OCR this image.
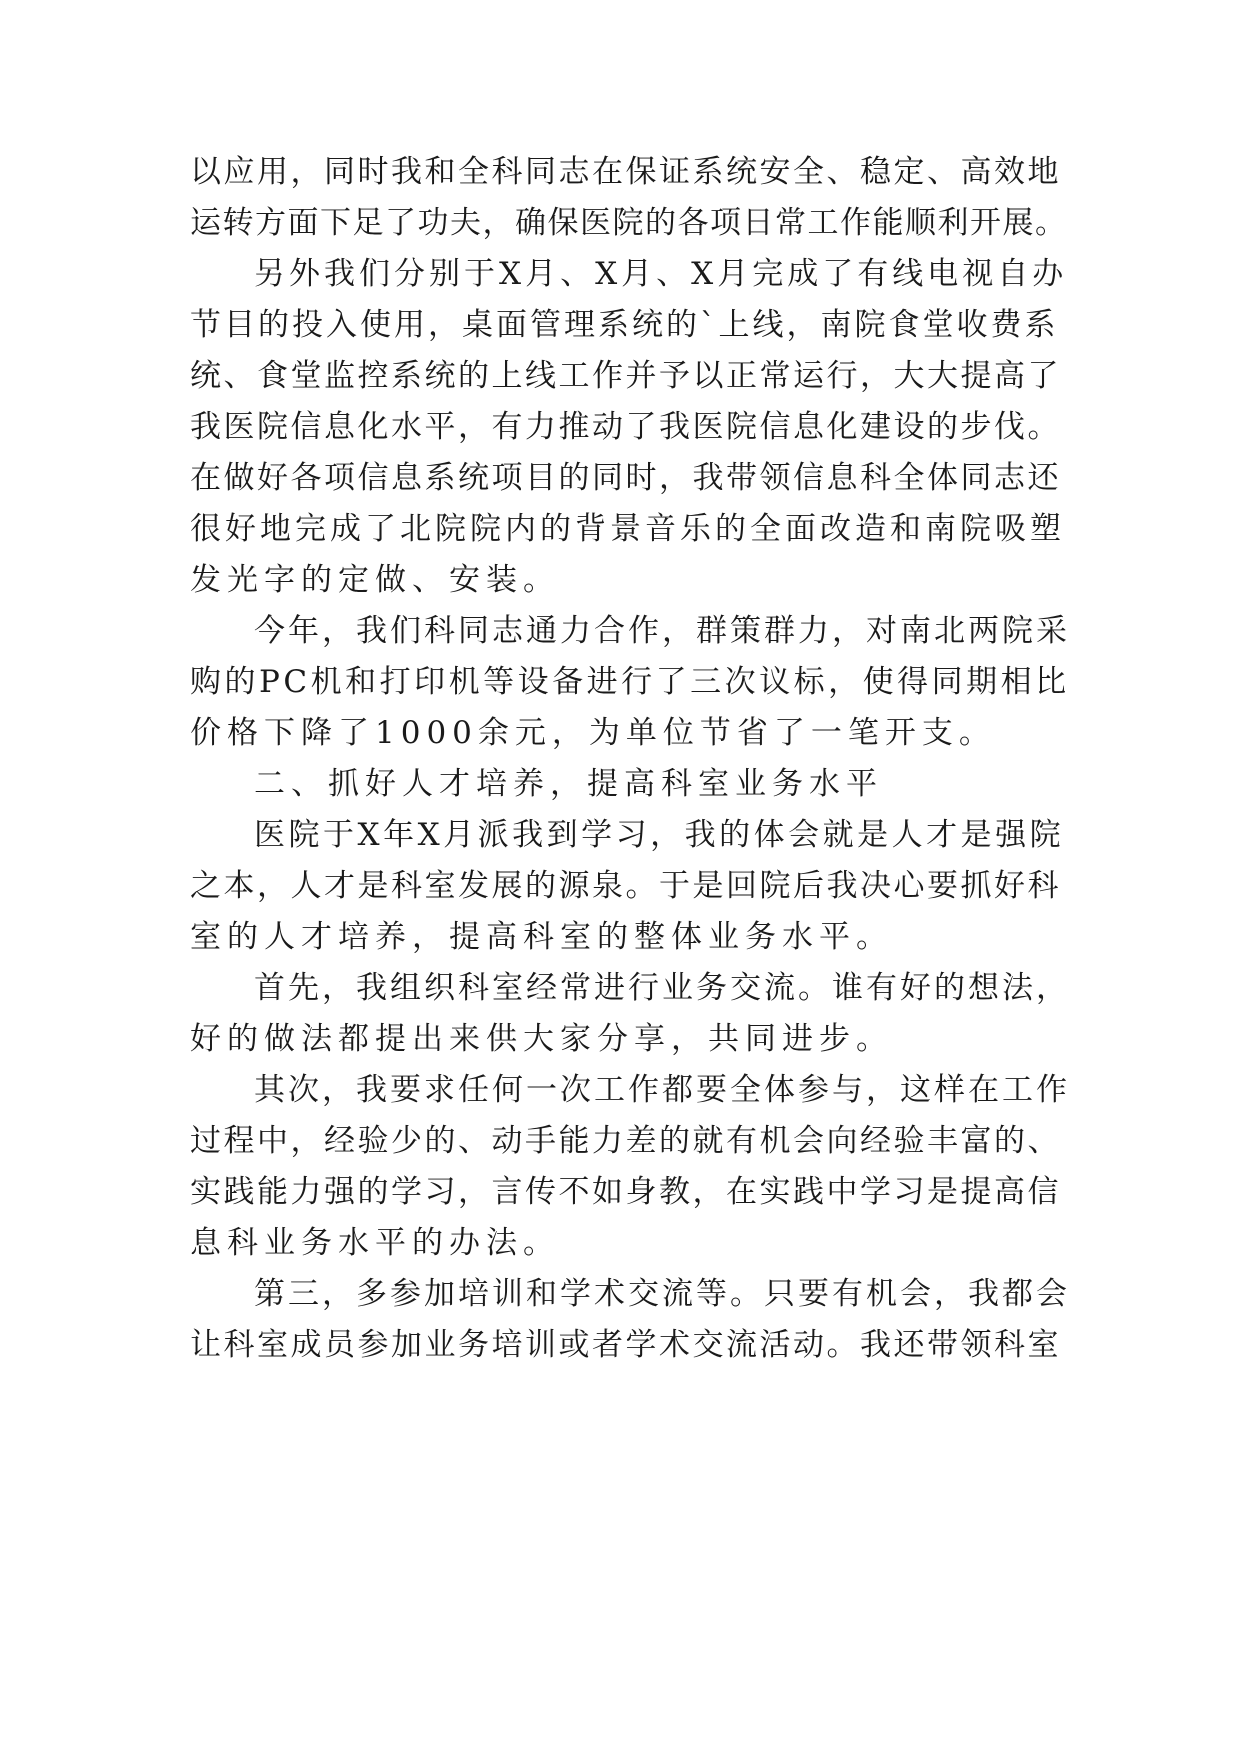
以应用，同时我和全科同志在保证系统安全、稳定、高效地
运转方面下足了功夫，确保医院的各项日常工作能顺利开展。
另外我们分别于X月、X月、X月完成了有线电视自办
节目的投入使用，桌面管理系统的`上线，南院食堂收费系
统、食堂监控系统的上线工作并予以正常运行，大大提高了
我医院信息化水平，有力推动了我医院信息化建设的步伐。
在做好各项信息系统项目的同时，我带领信息科全体同志还
很好地完成了北院院内的背景音乐的全面改造和南院吸塑
发光字的定做、安装。
今年，我们科同志通力合作，群策群力，对南北两院采
购的PC机和打印机等设备进行了三次议标，使得同期相比
价格下降了1000余元，为单位节省了一笔开支。
二、抓好人才培养，提高科室业务水平
医院于X年X月派我到学习，我的体会就是人才是强院
之本，人才是科室发展的源泉。于是回院后我决心要抓好科
室的人才培养，提高科室的整体业务水平。
首先，我组织科室经常进行业务交流。谁有好的想法，
好的做法都提出来供大家分享，共同进步。
其次，我要求任何一次工作都要全体参与，这样在工作
过程中，经验少的、动手能力差的就有机会向经验丰富的、
实践能力强的学习，言传不如身教，在实践中学习是提高信
息科业务水平的办法。
第三，多参加培训和学术交流等。只要有机会，我都会
让科室成员参加业务培训或者学术交流活动。我还带领科室
